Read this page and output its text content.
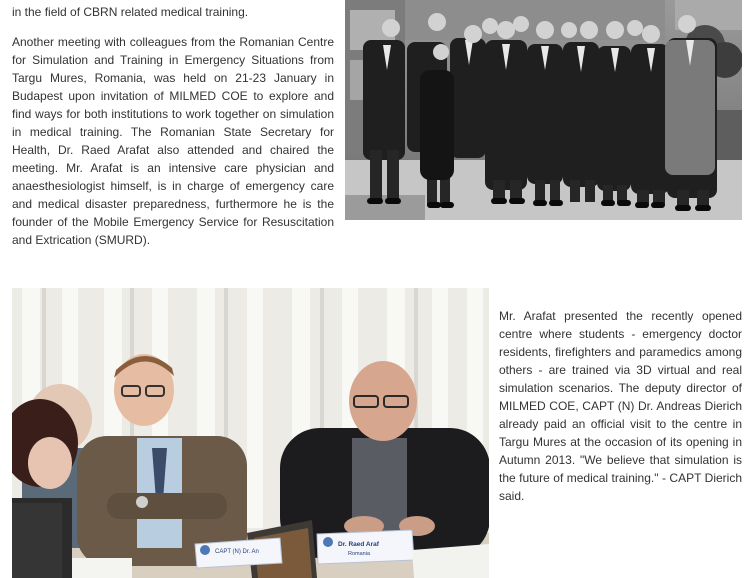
in the field of CBRN related medical training.

Another meeting with colleagues from the Romanian Centre for Simulation and Training in Emergency Situations from Targu Mures, Romania, was held on 21-23 January in Budapest upon invitation of MILMED COE to explore and find ways for both institutions to work together on simulation in medical training. The Romanian State Secretary for Health, Dr. Raed Arafat also attended and chaired the meeting. Mr. Arafat is an intensive care physician and anaesthesiologist himself, is in charge of emergency care and medical disaster preparedness, furthermore he is the founder of the Mobile Emergency Service for Resuscitation and Extrication (SMURD).

CAPT (N) Dr. An
Dr. Raed Araf
Romania

Mr. Arafat presented the recently opened centre where students - emergency doctor residents, firefighters and paramedics among others - are trained via 3D virtual and real simulation scenarios. The deputy director of MILMED COE, CAPT (N) Dr. Andreas Dierich already paid an official visit to the centre in Targu Mures at the occasion of its opening in Autumn 2013. "We believe that simulation is the future of medical training." - CAPT Dierich said.
